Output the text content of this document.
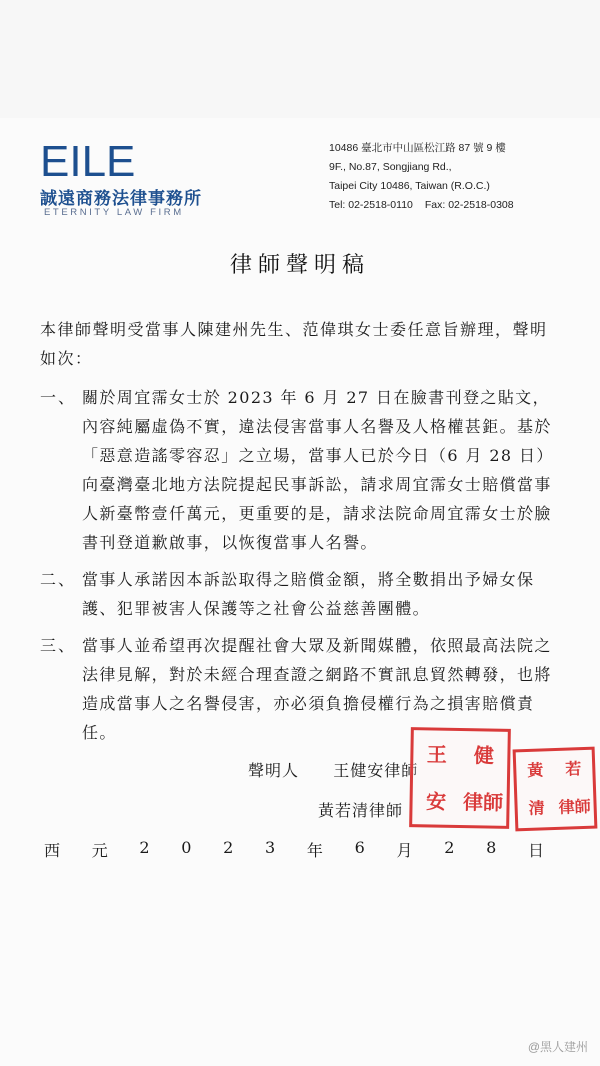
EILE
誠遠商務法律事務所
ETERNITY LAW FIRM
10486 臺北市中山區松江路 87 號 9 樓
9F., No.87, Songjiang Rd.,
Taipei City 10486, Taiwan (R.O.C.)
Tel: 02-2518-0110 Fax: 02-2518-0308
律師聲明稿
本律師聲明受當事人陳建州先生、范偉琪女士委任意旨辦理，聲明如次：
一、 關於周宜霈女士於 2023 年 6 月 27 日在臉書刊登之貼文，內容純屬虛偽不實，違法侵害當事人名譽及人格權甚鉅。基於「惡意造謠零容忍」之立場，當事人已於今日（6 月 28 日）向臺灣臺北地方法院提起民事訴訟，請求周宜霈女士賠償當事人新臺幣壹仟萬元，更重要的是，請求法院命周宜霈女士於臉書刊登道歉啟事，以恢復當事人名譽。
二、 當事人承諾因本訴訟取得之賠償金額，將全數捐出予婦女保護、犯罪被害人保護等之社會公益慈善團體。
三、 當事人並希望再次提醒社會大眾及新聞媒體，依照最高法院之法律見解，對於未經合理查證之網路不實訊息貿然轉發，也將造成當事人之名譽侵害，亦必須負擔侵權行為之損害賠償責任。
聲明人 王健安律師
黃若清律師
王	健
安 律 師
黃	若
清 律 師
西 元 2 0 2 3 年 6 月 2 8 日
@黑人建州
